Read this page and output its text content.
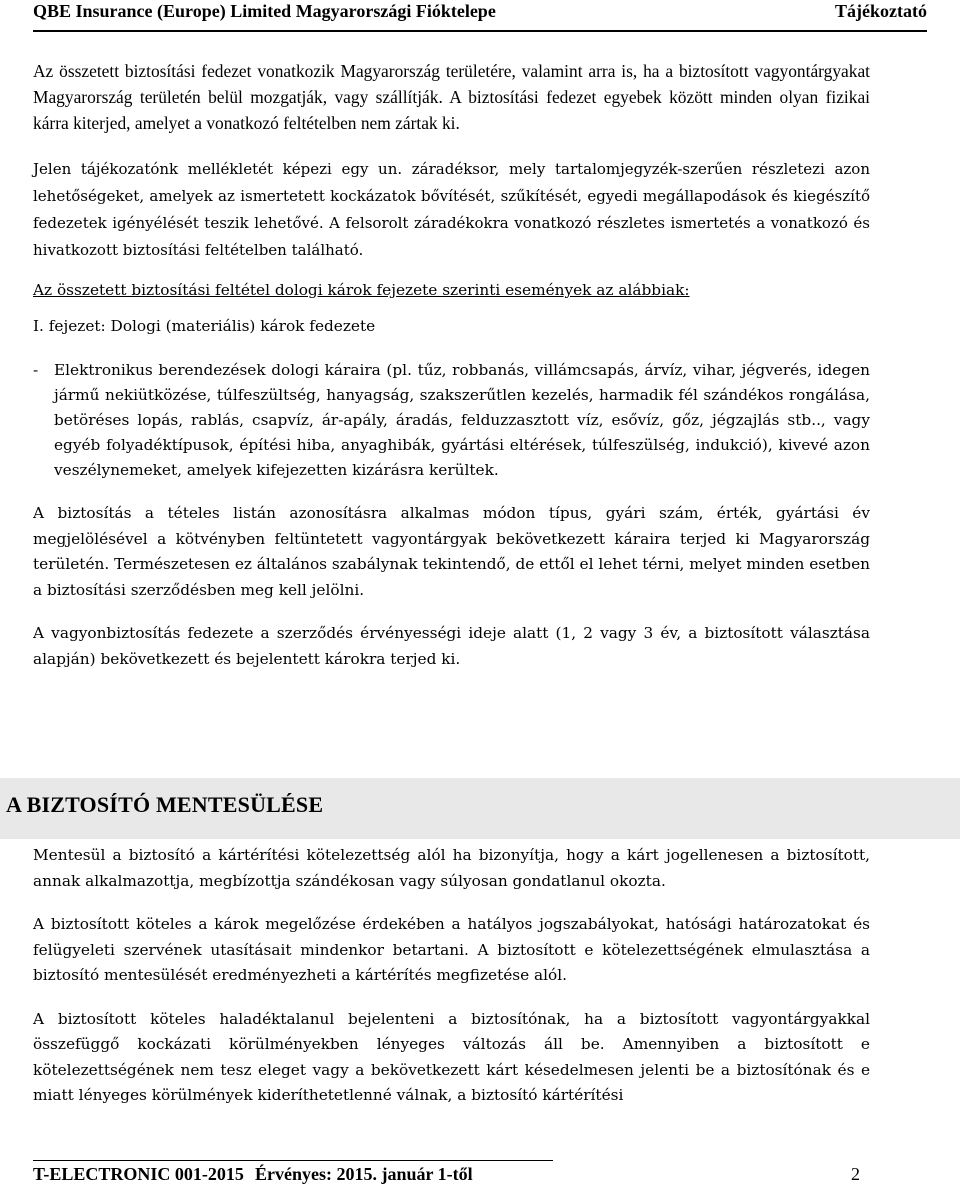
QBE Insurance (Europe) Limited Magyarországi Fióktelepe	Tájékoztató

Az összetett biztosítási fedezet vonatkozik Magyarország területére, valamint arra is, ha a biztosított vagyontárgyakat Magyarország területén belül mozgatják, vagy szállítják. A biztosítási fedezet egyebek között minden olyan fizikai kárra kiterjed, amelyet a vonatkozó feltételben nem zártak ki.

Jelen tájékozatónk mellékletét képezi egy un. záradéksor, mely tartalomjegyzék-szerűen részletezi azon lehetőségeket, amelyek az ismertetett kockázatok bővítését, szűkítését, egyedi megállapodások és kiegészítő fedezetek igényélését teszik lehetővé. A felsorolt záradékokra vonatkozó részletes ismertetés a vonatkozó és hivatkozott biztosítási feltételben található.

Az összetett biztosítási feltétel dologi károk fejezete szerinti események az alábbiak:

I. fejezet: Dologi (materiális) károk fedezete

-	Elektronikus berendezések dologi káraira (pl. tűz, robbanás, villámcsapás, árvíz, vihar, jégverés, idegen jármű nekiütközése, túlfeszültség, hanyagság, szakszerűtlen kezelés, harmadik fél szándékos rongálása, betöréses lopás, rablás, csapvíz, ár-apály, áradás, felduzzasztott víz, esővíz, gőz, jégzajlás stb.., vagy egyéb folyadéktípusok, építési hiba, anyaghibák, gyártási eltérések, túlfeszülség, indukció), kivevé azon veszélynemeket, amelyek kifejezetten kizárásra kerültek.

A biztosítás a tételes listán azonosításra alkalmas módon típus, gyári szám, érték, gyártási év megjelölésével a kötvényben feltüntetett vagyontárgyak bekövetkezett káraira terjed ki Magyarország területén. Természetesen ez általános szabálynak tekintendő, de ettől el lehet térni, melyet minden esetben a biztosítási szerződésben meg kell jelölni.

A vagyonbiztosítás fedezete a szerződés érvényességi ideje alatt (1, 2 vagy 3 év, a biztosított választása alapján) bekövetkezett és bejelentett károkra terjed ki.

A BIZTOSÍTÓ MENTESÜLÉSE

Mentesül a biztosító a kártérítési kötelezettség alól ha bizonyítja, hogy a kárt jogellenesen a biztosított, annak alkalmazottja, megbízottja szándékosan vagy súlyosan gondatlanul okozta.

A biztosított köteles a károk megelőzése érdekében a hatályos jogszabályokat, hatósági határozatokat és felügyeleti szervének utasításait mindenkor betartani. A biztosított e kötelezettségének elmulasztása a biztosító mentesülését eredményezheti a kártérítés megfizetése alól.

A biztosított köteles haladéktalanul bejelenteni a biztosítónak, ha a biztosított vagyontárgyakkal összefüggő kockázati körülményekben lényeges változás áll be. Amennyiben a biztosított e kötelezettségének nem tesz eleget vagy a bekövetkezett kárt késedelmesen jelenti be a biztosítónak és e miatt lényeges körülmények kideríthetetlenné válnak, a biztosító kártérítési

T-ELECTRONIC 001-2015 Érvényes: 2015. január 1-től	2
